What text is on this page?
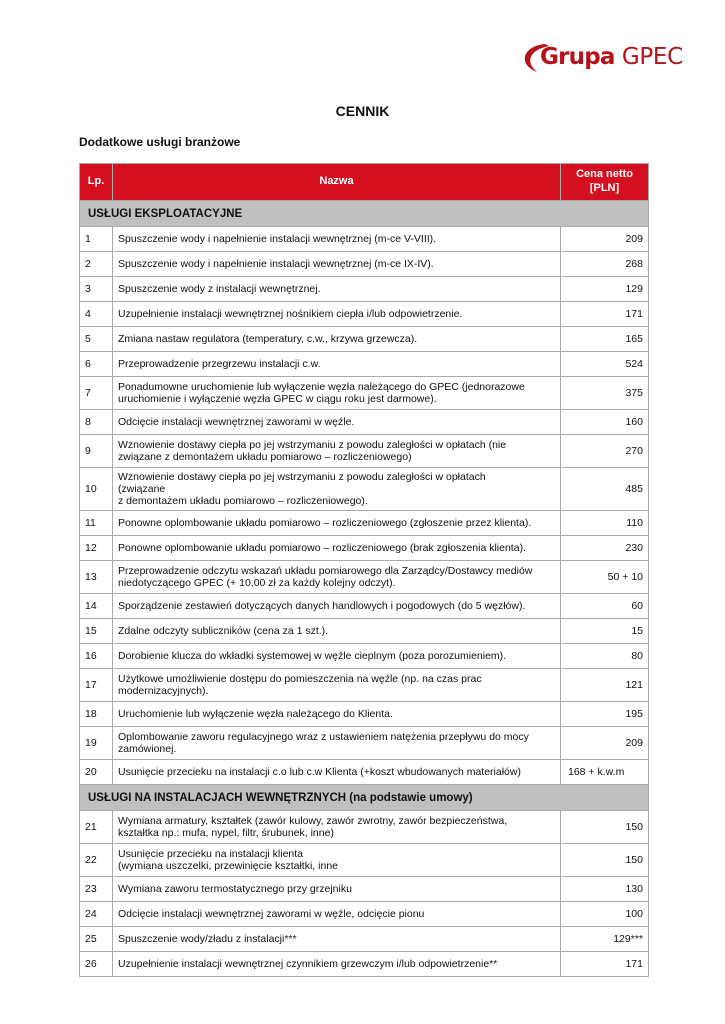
Grupa GPEC
CENNIK
Dodatkowe usługi branżowe
Lp.	Nazwa	Cena netto
[PLN]
USŁUGI EKSPLOATACYJNE		
1	Spuszczenie wody i napełnienie instalacji wewnętrznej (m-ce V-VIII).	209
2	Spuszczenie wody i napełnienie instalacji wewnętrznej (m-ce IX-IV).	268
3	Spuszczenie wody z instalacji wewnętrznej.	129
4	Uzupełnienie instalacji wewnętrznej nośnikiem ciepła i/lub odpowietrzenie.	171
5	Zmiana nastaw regulatora (temperatury, c.w., krzywa grzewcza).	165
6	Przeprowadzenie przegrzewu instalacji c.w.	524
7	Ponadumowne uruchomienie lub wyłączenie węzła należącego do GPEC (jednorazowe
uruchomienie i wyłączenie węzła GPEC w ciągu roku jest darmowe).	375
8	Odcięcie instalacji wewnętrznej zaworami w węźle.	160
9	Wznowienie dostawy ciepła po jej wstrzymaniu z powodu zaległości w opłatach (nie
związane z demontażem układu pomiarowo – rozliczeniowego)	270
10	Wznowienie dostawy ciepła po jej wstrzymaniu z powodu zaległości w opłatach
(związane
z demontażem układu pomiarowo – rozliczeniowego).	485
11	Ponowne oplombowanie układu pomiarowo – rozliczeniowego (zgłoszenie przez klienta).	110
12	Ponowne oplombowanie układu pomiarowo – rozliczeniowego (brak zgłoszenia klienta).	230
13	Przeprowadzenie odczytu wskazań układu pomiarowego dla Zarządcy/Dostawcy mediów
niedotyczącego GPEC (+ 10,00 zł za każdy kolejny odczyt).	50 + 10
14	Sporządzenie zestawień dotyczących danych handlowych i pogodowych (do 5 węzłów).	60
15	Zdalne odczyty sublicznikόw (cena za 1 szt.).	15
16	Dorobienie klucza do wkładki systemowej w węźle cieplnym (poza porozumieniem).	80
17	Użytkowe umożliwienie dostępu do pomieszczenia na węźle (np. na czas prac
modernizacyjnych).	121
18	Uruchomienie lub wyłączenie węzła należącego do Klienta.	195
19	Oplombowanie zaworu regulacyjnego wraz z ustawieniem natężenia przepływu do mocy
zamówionej.	209
20	Usunięcie przecieku na instalacji c.o lub c.w Klienta (+koszt wbudowanych materiałów)	168 + k.w.m
USŁUGI NA INSTALACJACH WEWNĘTRZNYCH (na podstawie umowy)		
21	Wymiana armatury, kształtek (zawór kulowy, zawór zwrotny, zawór bezpieczeństwa,
kształtka np.: mufa, nypel, filtr, śrubunek, inne)	150
22	Usunięcie przecieku na instalacji klienta
(wymiana uszczelki, przewinięcie kształtki, inne	150
23	Wymiana zaworu termostatycznego przy grzejniku	130
24	Odcięcie instalacji wewnętrznej zaworami w węźle, odcięcie pionu	100
25	Spuszczenie wody/zładu z instalacji***	129***
26	Uzupełnienie instalacji wewnętrznej czynnikiem grzewczym i/lub odpowietrzenie**	171
